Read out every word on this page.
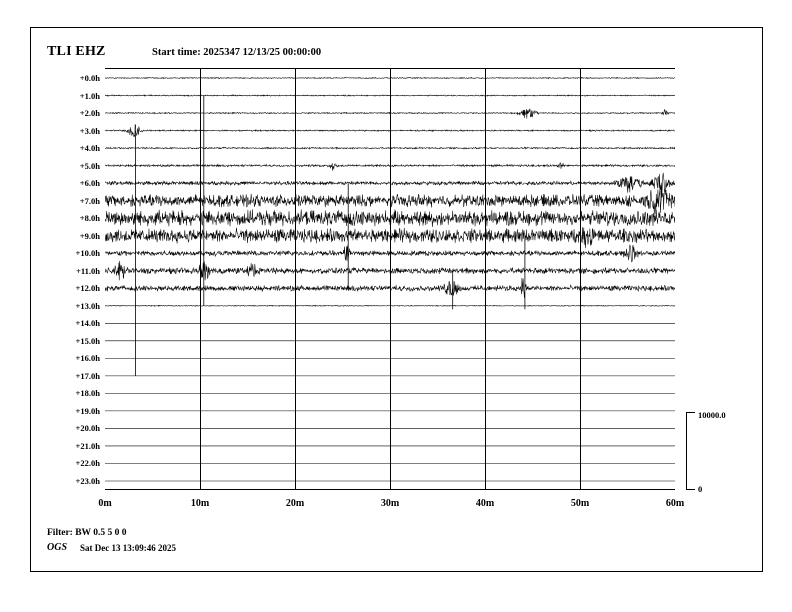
TLI EHZ	Start time: 2025347 12/13/25 00:00:00
+0.0h
+1.0h
+2.0h
+3.0h
+4.0h
+5.0h
+6.0h
+7.0h
+8.0h
+9.0h
+10.0h
+11.0h
+12.0h
+13.0h
+14.0h
+15.0h
+16.0h
+17.0h
+18.0h
+19.0h
+20.0h
+21.0h
+22.0h
+23.0h
0m	10m	20m	30m	40m	50m	60m
10000.0
0
Filter: BW 0.5 5 0 0
OGS Sat Dec 13 13:09:46 2025
